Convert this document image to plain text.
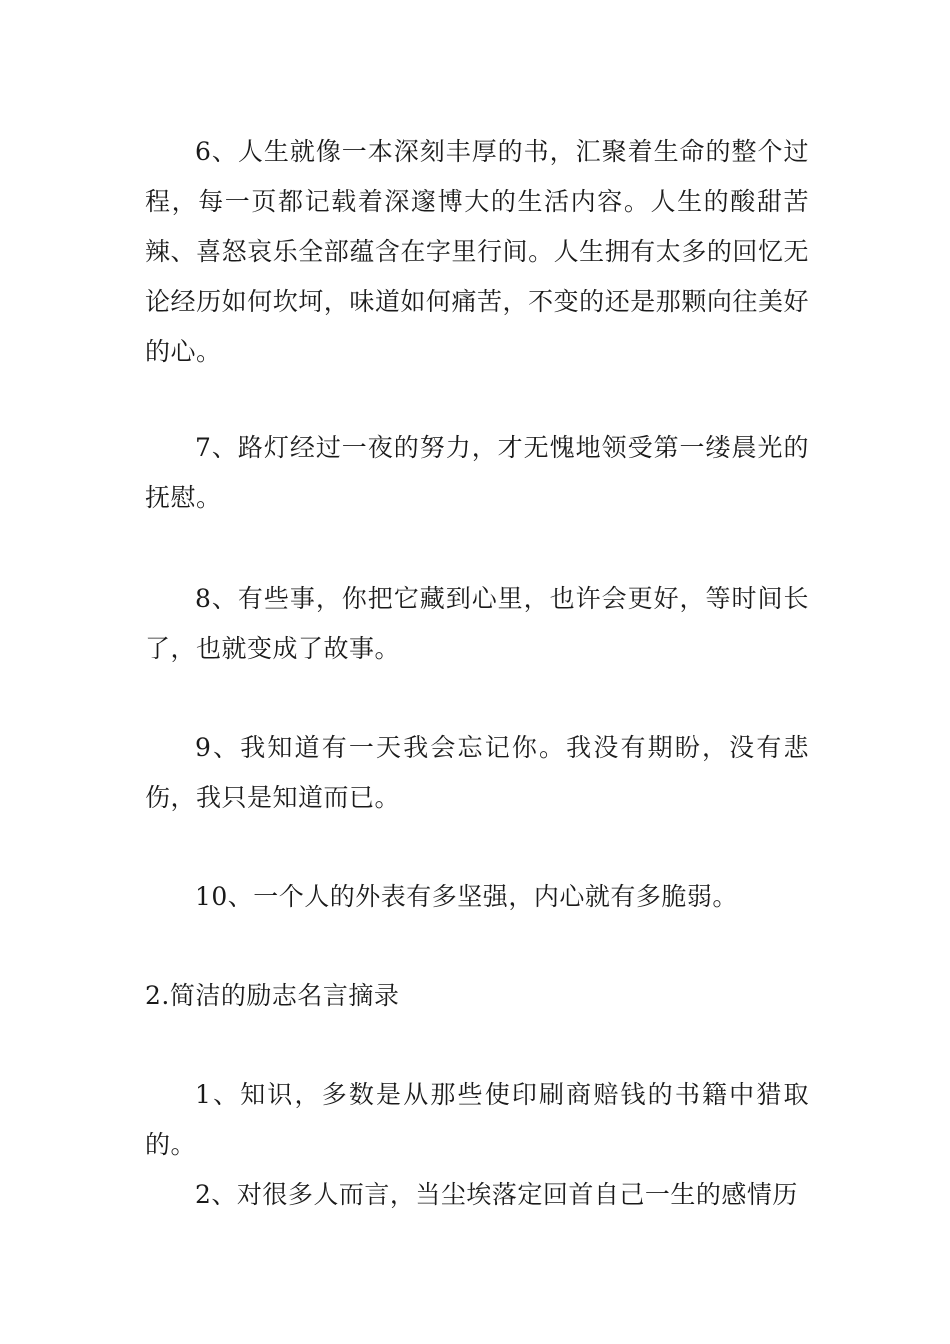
6、人生就像一本深刻丰厚的书，汇聚着生命的整个过程，每一页都记载着深邃博大的生活内容。人生的酸甜苦辣、喜怒哀乐全部蕴含在字里行间。人生拥有太多的回忆无论经历如何坎坷，味道如何痛苦，不变的还是那颗向往美好的心。

7、路灯经过一夜的努力，才无愧地领受第一缕晨光的抚慰。

8、有些事，你把它藏到心里，也许会更好，等时间长了，也就变成了故事。

9、我知道有一天我会忘记你。我没有期盼，没有悲伤，我只是知道而已。

10、一个人的外表有多坚强，内心就有多脆弱。

2.简洁的励志名言摘录

1、知识，多数是从那些使印刷商赔钱的书籍中猎取的。

2、对很多人而言，当尘埃落定回首自己一生的感情历
